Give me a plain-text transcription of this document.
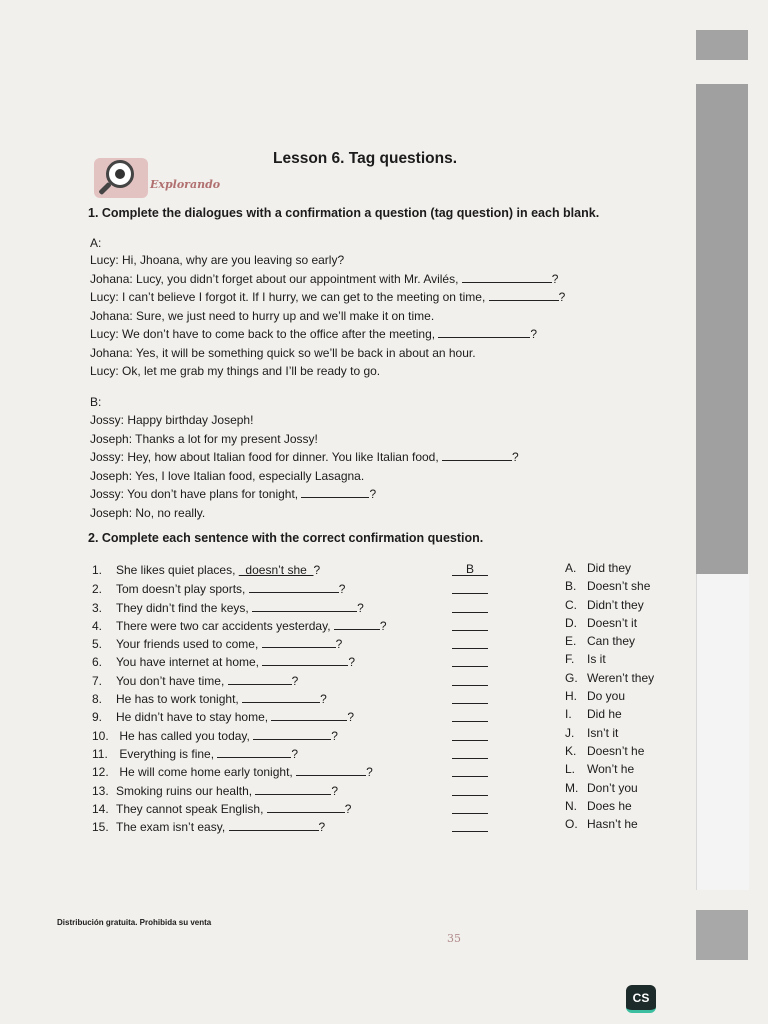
Explorando
Lesson 6. Tag questions.
1. Complete the dialogues with a confirmation a question (tag question) in each blank.
A:
Lucy: Hi, Jhoana, why are you leaving so early?
Johana: Lucy, you didn’t forget about our appointment with Mr. Avilés,	?
Lucy: I can’t believe I forgot it. If I hurry, we can get to the meeting on time,	?
Johana: Sure, we just need to hurry up and we’ll make it on time.
Lucy: We don’t have to come back to the office after the meeting,	?
Johana: Yes, it will be something quick so we’ll be back in about an hour.
Lucy: Ok, let me grab my things and I’ll be ready to go.
B:
Jossy: Happy birthday Joseph!
Joseph: Thanks a lot for my present Jossy!
Jossy: Hey, how about Italian food for dinner. You like Italian food,	?
Joseph: Yes, I love Italian food, especially Lasagna.
Jossy: You don’t have plans for tonight,	?
Joseph: No, no really.
2. Complete each sentence with the correct confirmation question.
1. She likes quiet places,   doesn’t she  ?	B
2. Tom doesn’t play sports,	?
3. They didn’t find the keys,	?
4. There were two car accidents yesterday,	?
5. Your friends used to come,	?
6. You have internet at home,	?
7. You don’t have time,	?
8. He has to work tonight,	?
9. He didn’t have to stay home,	?
10. He has called you today,	?
11. Everything is fine,	?
12. He will come home early tonight,	?
13. Smoking ruins our health,	?
14. They cannot speak English,	?
15. The exam isn’t easy,	?
A. Did they
B. Doesn’t she
C. Didn’t they
D. Doesn’t it
E. Can they
F. Is it
G. Weren’t they
H. Do you
I. Did he
J. Isn’t it
K. Doesn’t he
L. Won’t he
M. Don’t you
N. Does he
O. Hasn’t he
Distribución gratuita. Prohibida su venta
35
CS
